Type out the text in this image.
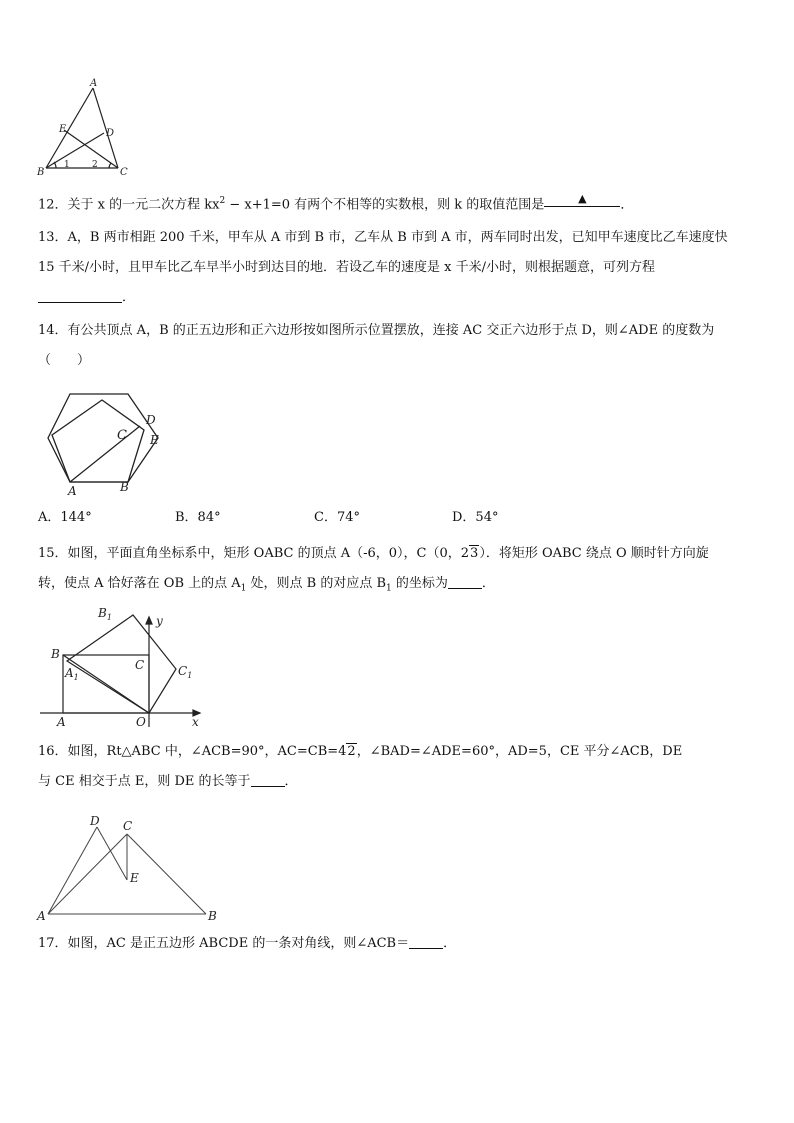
A
E	D
B	C
1 2
12．关于 x 的一元二次方程 $kx^2 - x+1=0$ 有两个不相等的实数根，则 k 的取值范围是	▲	．
13．A，B 两市相距 200 千米，甲车从 A 市到 B 市，乙车从 B 市到 A 市，两车同时出发，已知甲车速度比乙车速度快
15 千米/小时，且甲车比乙车早半小时到达目的地．若设乙车的速度是 x 千米/小时，则根据题意，可列方程
．
14．有公共顶点 A，B 的正五边形和正六边形按如图所示位置摆放，连接 AC 交正六边形于点 D，则∠ADE 的度数为
（　　）
C
D
E
A	B
A．144°	B．84°	C．74°	D．54°
15．如图，平面直角坐标系中，矩形 OABC 的顶点 A（-6，0），C（0，23）．将矩形 OABC 绕点 O 顺时针方向旋
转，使点 A 恰好落在 OB 上的点 $A_1$ 处，则点 B 的对应点 $B_1$ 的坐标为	．
$B_1$	y
B
C
$A_1$	$C_1$
A	O	x
16．如图，Rt△ABC 中，∠ACB=90°，AC=CB=42，∠BAD=∠ADE=60°，AD=5，CE 平分∠ACB，DE
与 CE 相交于点 E，则 DE 的长等于	．
D C
E
A	B
17．如图，AC 是正五边形 ABCDE 的一条对角线，则∠ACB＝	．
